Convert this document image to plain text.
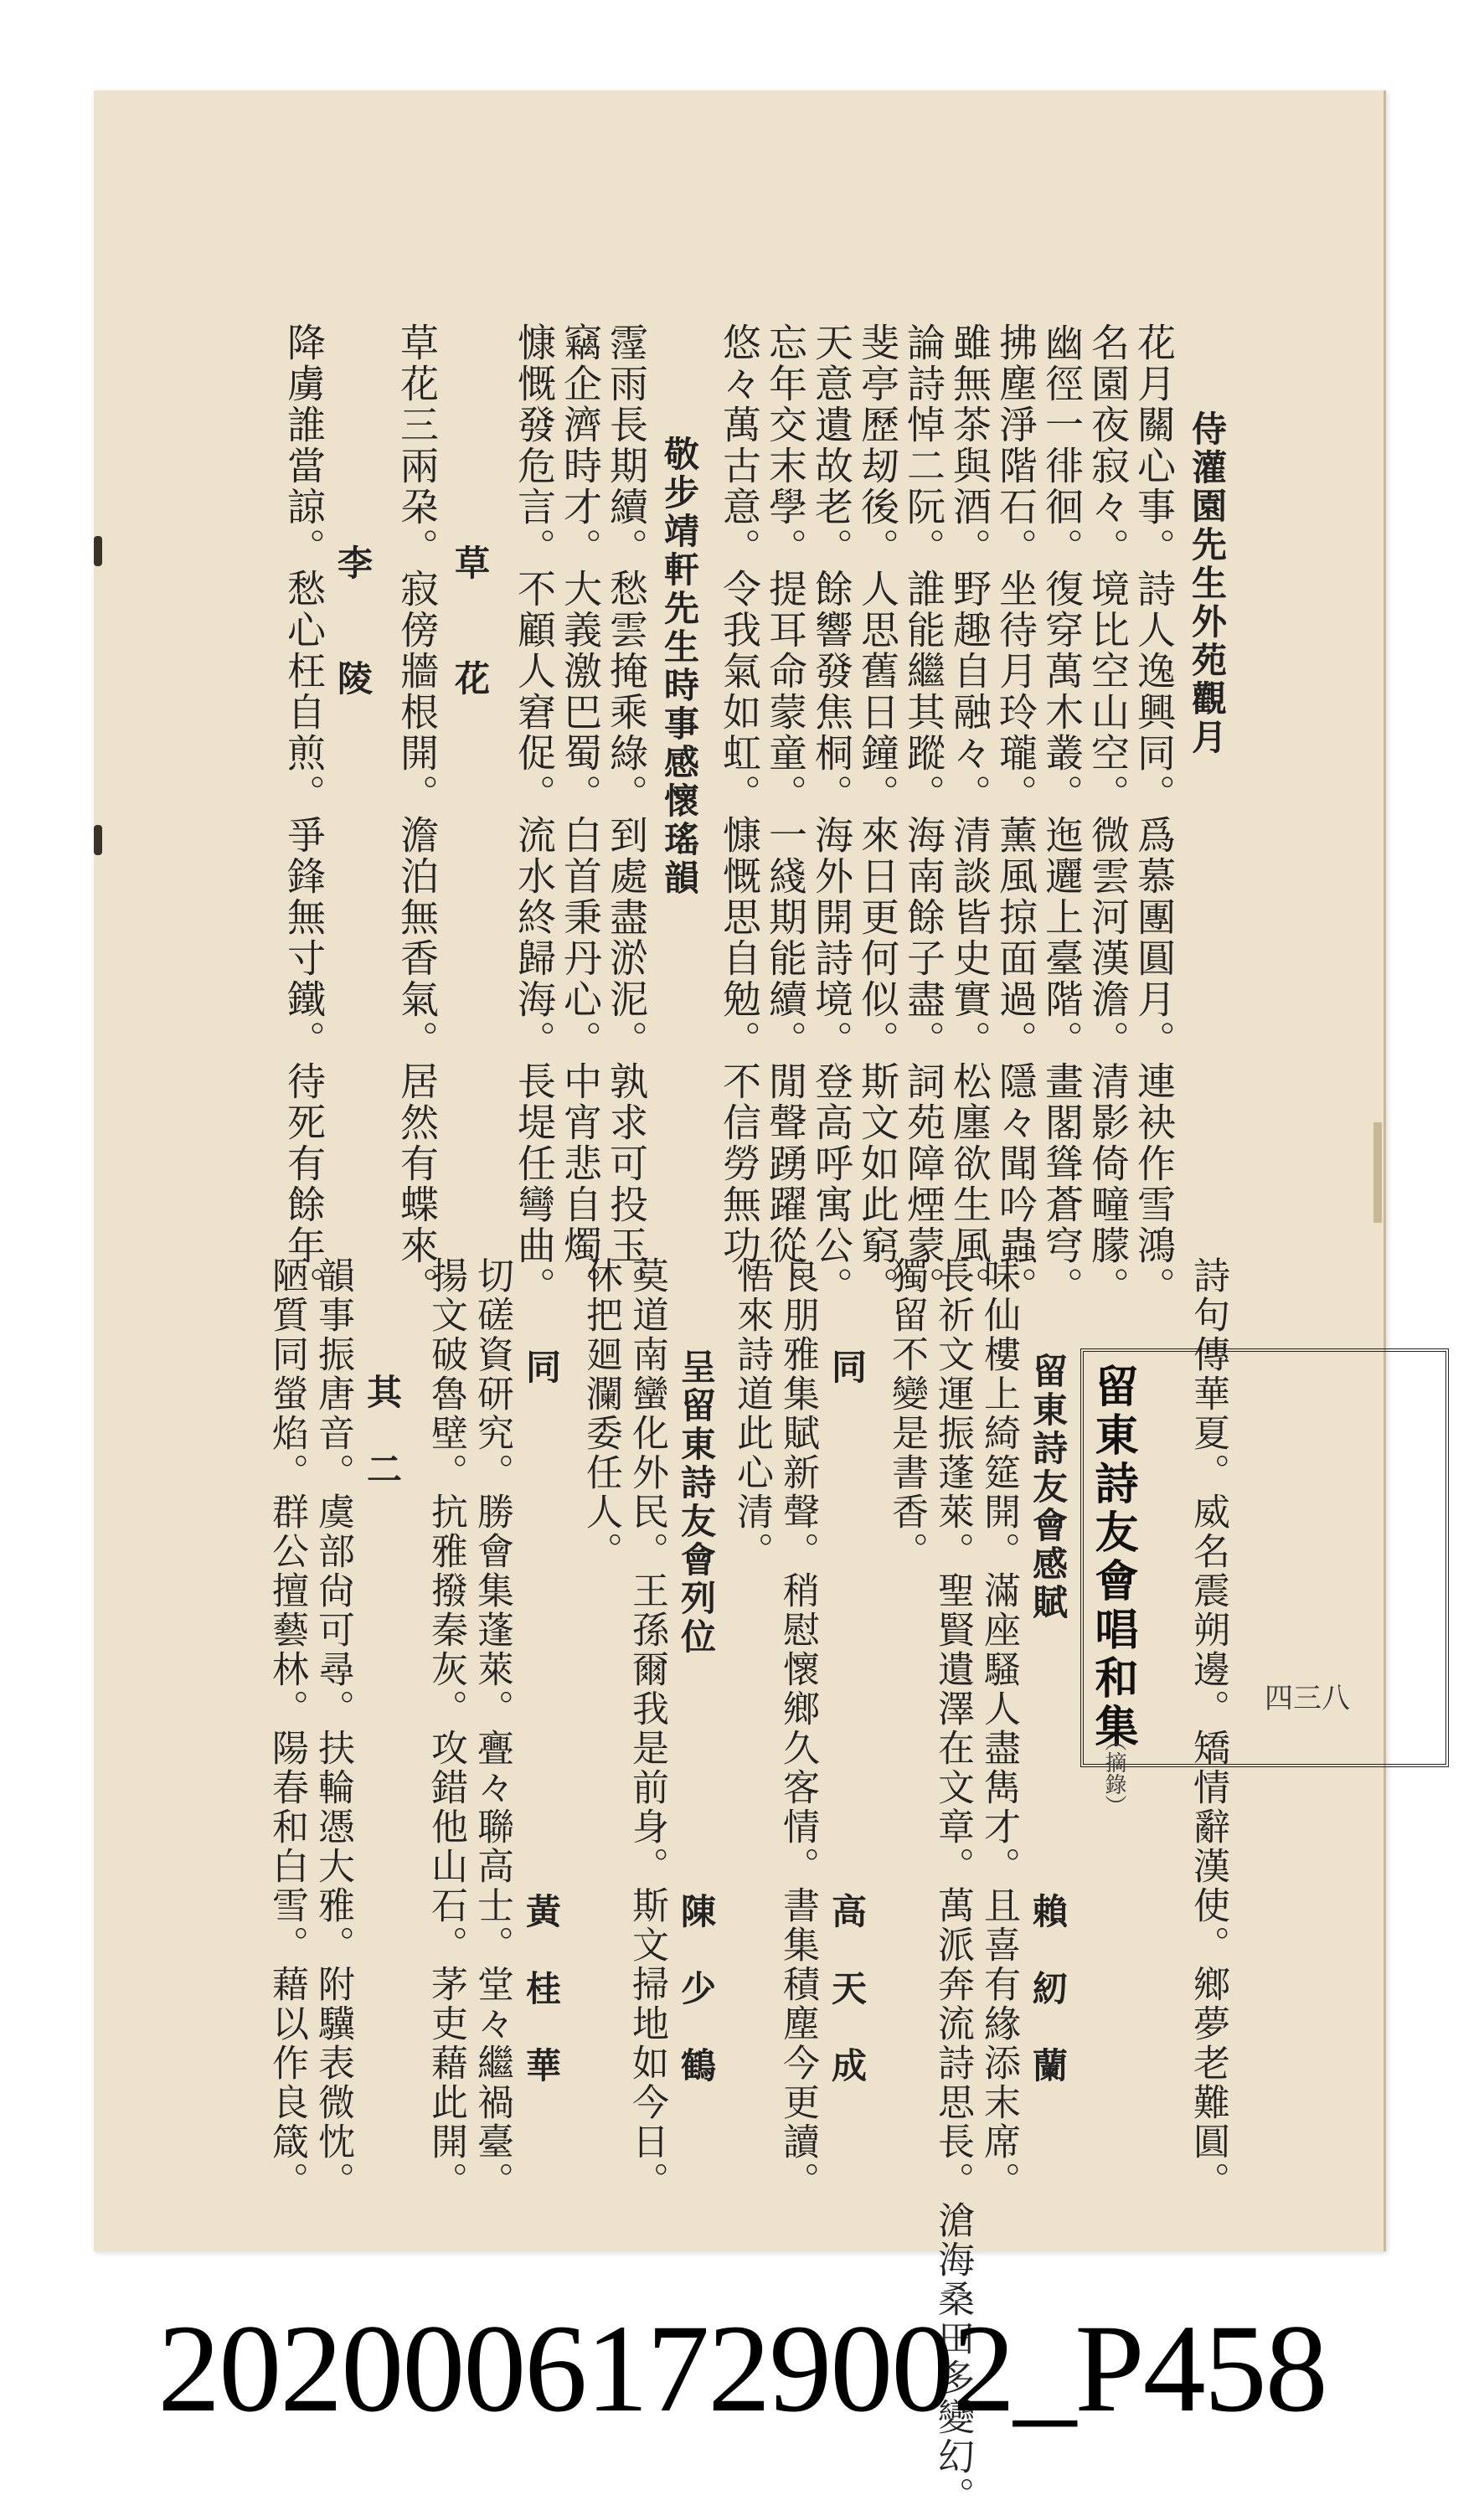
侍灌園先生外苑觀月
花月關心事。詩人逸興同。爲慕團圓月。連袂作雪鴻。
名園夜寂々。境比空山空。微雲河漢澹。清影倚疃朦。
幽徑一徘徊。復穿萬木叢。迤邐上臺階。畫閣聳蒼穹。
拂塵淨階石。坐待月玲瓏。薰風掠面過。隱々聞吟蟲。
雖無茶與酒。野趣自融々。清談皆史實。松廛欲生風。
論詩悼二阮。誰能繼其蹤。海南餘子盡。詞苑障煙蒙。
斐亭歷刼後。人思舊日鐘。來日更何似。斯文如此窮。
天意遺故老。餘響發焦桐。海外開詩境。登高呼寓公。
忘年交末學。提耳命蒙童。一綫期能續。閒聲踴躍從。
悠々萬古意。令我氣如虹。慷慨思自勉。不信勞無功。
敬步靖軒先生時事感懷瑤韻
霪雨長期續。愁雲掩乘綠。到處盡淤泥。孰求可投玉。
竊企濟時才。大義激巴蜀。白首秉丹心。中宵悲自燭。
慷慨發危言。不顧人窘促。流水終歸海。長堤任彎曲。
草　　花
草花三兩朶。寂傍牆根開。澹泊無香氣。居然有蝶來。
李　　陵
降虜誰當諒。愁心枉自煎。爭鋒無寸鐵。待死有餘年。
四三八
詩句傳華夏。威名震朔邊。矯情辭漢使。鄉夢老難圓。
留東詩友會唱和集
（摘錄）
留東詩友會感賦
賴　紉　蘭
味仙樓上綺筵開。滿座騷人盡雋才。且喜有緣添末席。
長祈文運振蓬萊。聖賢遺澤在文章。萬派奔流詩思長。滄海桑田多變幻。
獨留不變是書香。
同
高　天　成
良朋雅集賦新聲。稍慰懷鄉久客情。書集積塵今更讀。
悟來詩道此心清。
呈留東詩友會列位
陳　少　鶴
莫道南蠻化外民。王孫爾我是前身。斯文掃地如今日。
休把廻瀾委任人。
同
黃　桂　華
切磋資研究。勝會集蓬萊。亹々聯高士。堂々繼禍臺。
揚文破魯壁。抗雅撥秦灰。攻錯他山石。茅吏藉此開。
其　二
韻事振唐音。虞部尙可尋。扶輪憑大雅。附驥表微忱。
陋質同螢焰。群公擅藝林。陽春和白雪。藉以作良箴。
20200061729002_P458
